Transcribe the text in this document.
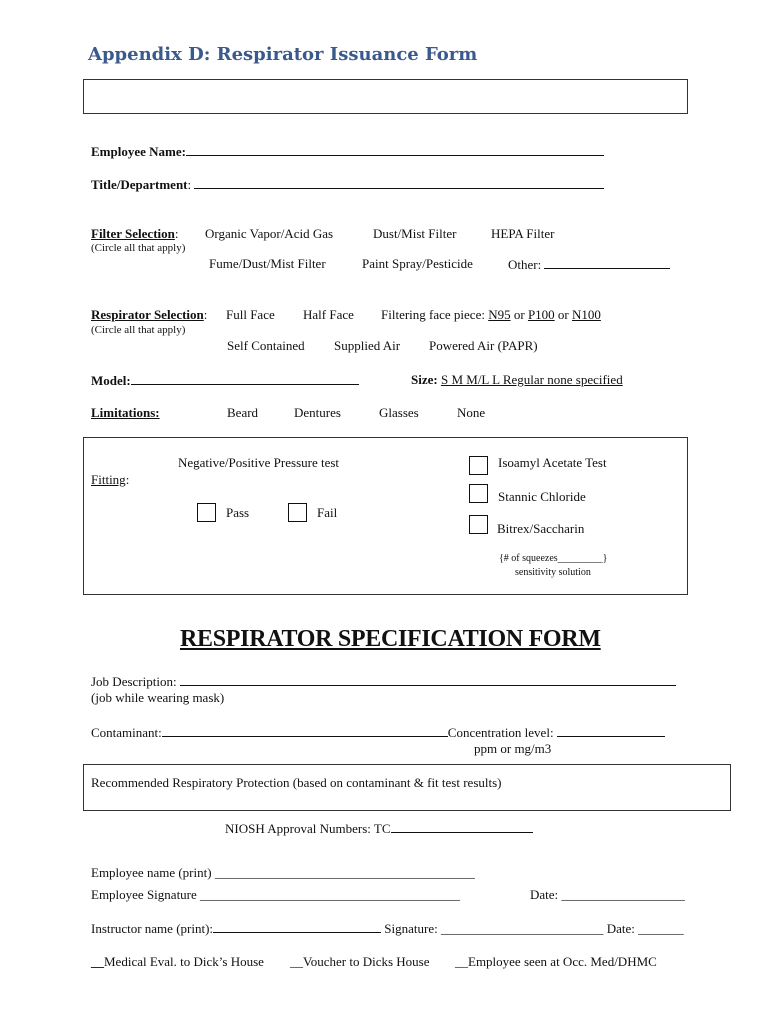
Appendix D: Respirator Issuance Form
Employee Name:
Title/Department:
Filter Selection:
(Circle all that apply)
Organic Vapor/Acid Gas	Dust/Mist Filter	HEPA Filter
Fume/Dust/Mist Filter	Paint Spray/Pesticide	Other:
Respirator Selection:
(Circle all that apply)
Full Face Half Face Filtering face piece: N95 or P100 or N100
Self Contained Supplied Air Powered Air (PAPR)
Model:	Size: S M M/L L Regular none specified
Limitations:	Beard	Dentures	Glasses	None
Fitting:
Negative/Positive Pressure test
Pass	Fail
Isoamyl Acetate Test
Stannic Chloride
Bitrex/Saccharin
{# of squeezes_________}
sensitivity solution
RESPIRATOR SPECIFICATION FORM
Job Description:
(job while wearing mask)
Contaminant:	Concentration level:
ppm or mg/m3
Recommended Respiratory Protection (based on contaminant & fit test results)
NIOSH Approval Numbers: TC
Employee name (print) ________________________________________
Employee Signature ________________________________________	Date: ___________________
Instructor name (print):	Signature: _________________________ Date: _______
__Medical Eval. to Dick’s House __Voucher to Dicks House __Employee seen at Occ. Med/DHMC
